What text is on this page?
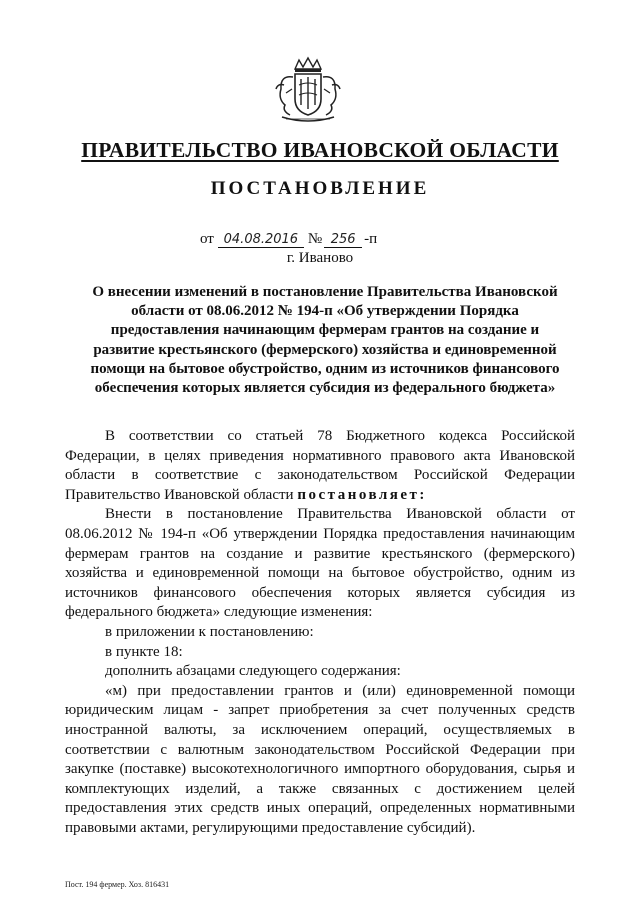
ПРАВИТЕЛЬСТВО ИВАНОВСКОЙ ОБЛАСТИ
ПОСТАНОВЛЕНИЕ
от 04.08.2016 № 256 -п
г. Иваново
О внесении изменений в постановление Правительства Ивановской области от 08.06.2012 № 194-п «Об утверждении Порядка предоставления начинающим фермерам грантов на создание и развитие крестьянского (фермерского) хозяйства и единовременной помощи на бытовое обустройство, одним из источников финансового обеспечения которых является субсидия из федерального бюджета»

В соответствии со статьей 78 Бюджетного кодекса Российской Федерации, в целях приведения нормативного правового акта Ивановской области в соответствие с законодательством Российской Федерации Правительство Ивановской области постановляет:

Внести в постановление Правительства Ивановской области от 08.06.2012 № 194-п «Об утверждении Порядка предоставления начинающим фермерам грантов на создание и развитие крестьянского (фермерского) хозяйства и единовременной помощи на бытовое обустройство, одним из источников финансового обеспечения которых является субсидия из федерального бюджета» следующие изменения:

в приложении к постановлению:

в пункте 18:

дополнить абзацами следующего содержания:

«м) при предоставлении грантов и (или) единовременной помощи юридическим лицам - запрет приобретения за счет полученных средств иностранной валюты, за исключением операций, осуществляемых в соответствии с валютным законодательством Российской Федерации при закупке (поставке) высокотехнологичного импортного оборудования, сырья и комплектующих изделий, а также связанных с достижением целей предоставления этих средств иных операций, определенных нормативными правовыми актами, регулирующими предоставление субсидий).

Пост. 194 фермер. Хоз. 816431
